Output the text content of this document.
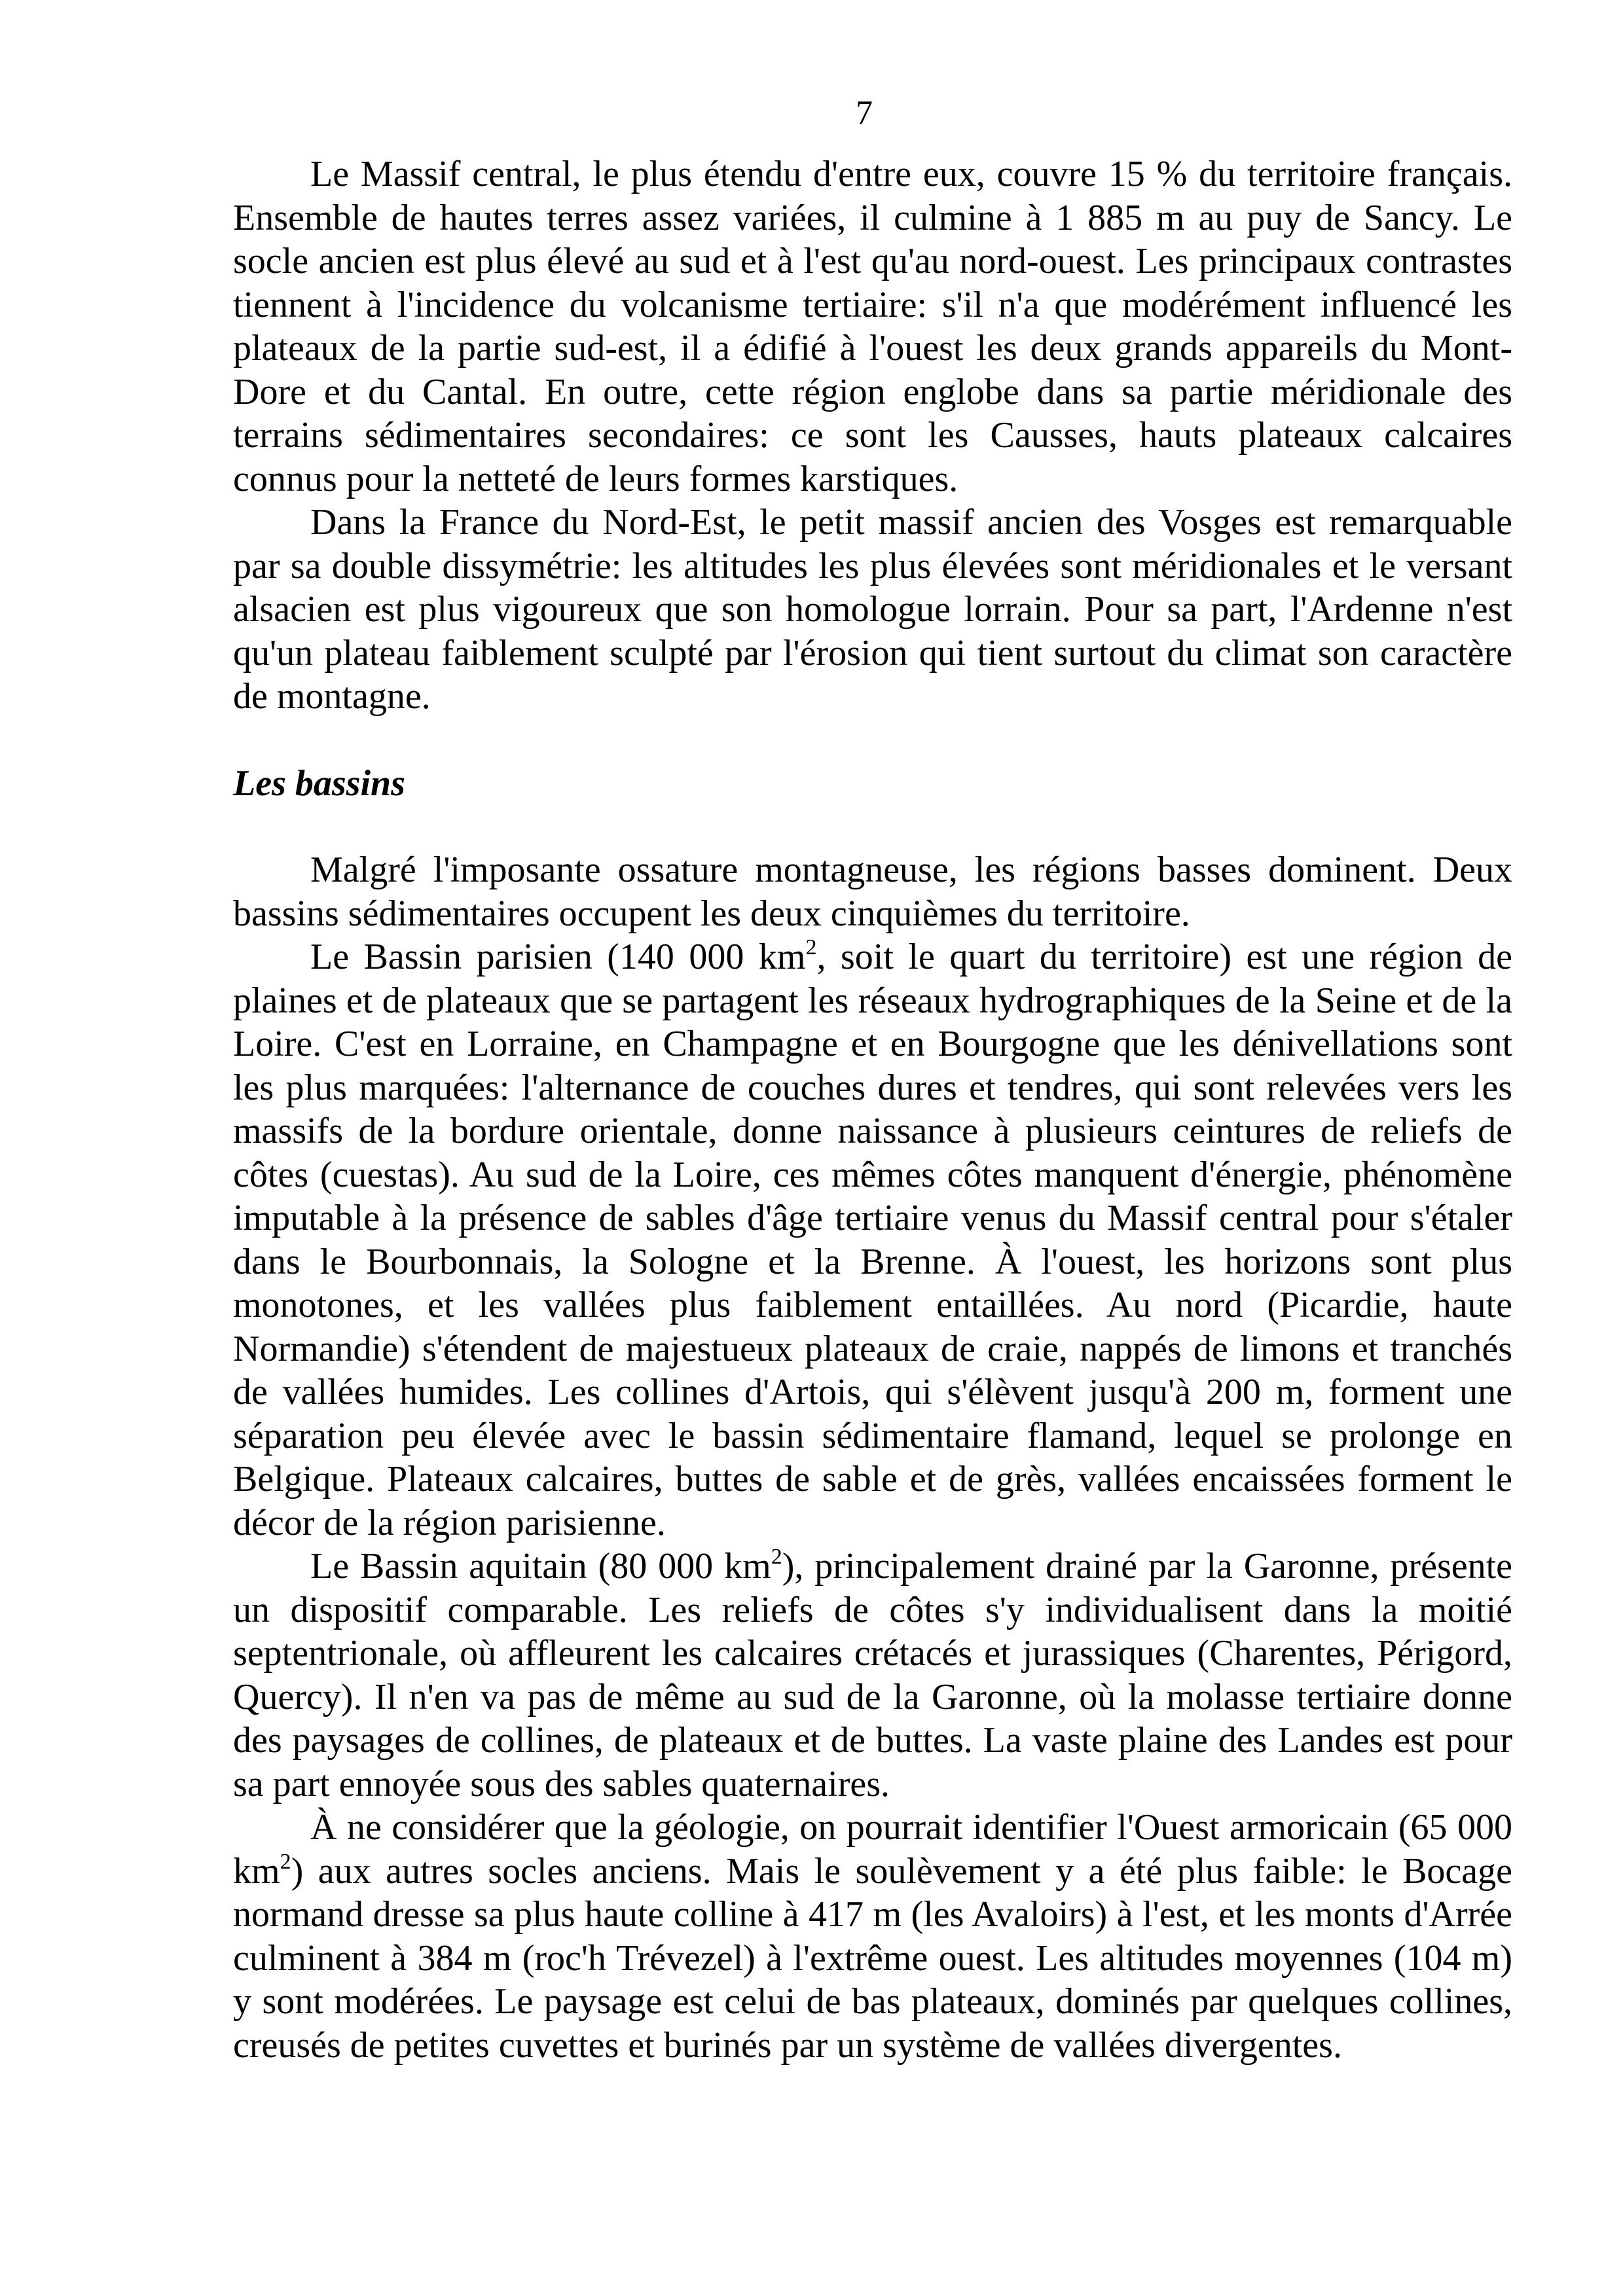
7

Le Massif central, le plus étendu d'entre eux, couvre 15 % du territoire français. Ensemble de hautes terres assez variées, il culmine à 1 885 m au puy de Sancy. Le socle ancien est plus élevé au sud et à l'est qu'au nord-ouest. Les principaux contrastes tiennent à l'incidence du volcanisme tertiaire: s'il n'a que modérément influencé les plateaux de la partie sud-est, il a édifié à l'ouest les deux grands appareils du Mont-Dore et du Cantal. En outre, cette région englobe dans sa partie méridionale des terrains sédimentaires secondaires: ce sont les Causses, hauts plateaux calcaires connus pour la netteté de leurs formes karstiques.

Dans la France du Nord-Est, le petit massif ancien des Vosges est remarquable par sa double dissymétrie: les altitudes les plus élevées sont méridionales et le versant alsacien est plus vigoureux que son homologue lorrain. Pour sa part, l'Ardenne n'est qu'un plateau faiblement sculpté par l'érosion qui tient surtout du climat son caractère de montagne.

Les bassins

Malgré l'imposante ossature montagneuse, les régions basses dominent. Deux bassins sédimentaires occupent les deux cinquièmes du territoire.

Le Bassin parisien (140 000 $km^2$, soit le quart du territoire) est une région de plaines et de plateaux que se partagent les réseaux hydrographiques de la Seine et de la Loire. C'est en Lorraine, en Champagne et en Bourgogne que les dénivellations sont les plus marquées: l'alternance de couches dures et tendres, qui sont relevées vers les massifs de la bordure orientale, donne naissance à plusieurs ceintures de reliefs de côtes (cuestas). Au sud de la Loire, ces mêmes côtes manquent d'énergie, phénomène imputable à la présence de sables d'âge tertiaire venus du Massif central pour s'étaler dans le Bourbonnais, la Sologne et la Brenne. À l'ouest, les horizons sont plus monotones, et les vallées plus faiblement entaillées. Au nord (Picardie, haute Normandie) s'étendent de majestueux plateaux de craie, nappés de limons et tranchés de vallées humides. Les collines d'Artois, qui s'élèvent jusqu'à 200 m, forment une séparation peu élevée avec le bassin sédimentaire flamand, lequel se prolonge en Belgique. Plateaux calcaires, buttes de sable et de grès, vallées encaissées forment le décor de la région parisienne.

Le Bassin aquitain (80 000 $km^2$), principalement drainé par la Garonne, présente un dispositif comparable. Les reliefs de côtes s'y individualisent dans la moitié septentrionale, où affleurent les calcaires crétacés et jurassiques (Charentes, Périgord, Quercy). Il n'en va pas de même au sud de la Garonne, où la molasse tertiaire donne des paysages de collines, de plateaux et de buttes. La vaste plaine des Landes est pour sa part ennoyée sous des sables quaternaires.

À ne considérer que la géologie, on pourrait identifier l'Ouest armoricain (65 000 $km^2$) aux autres socles anciens. Mais le soulèvement y a été plus faible: le Bocage normand dresse sa plus haute colline à 417 m (les Avaloirs) à l'est, et les monts d'Arrée culminent à 384 m (roc'h Trévezel) à l'extrême ouest. Les altitudes moyennes (104 m) y sont modérées. Le paysage est celui de bas plateaux, dominés par quelques collines, creusés de petites cuvettes et burinés par un système de vallées divergentes.
